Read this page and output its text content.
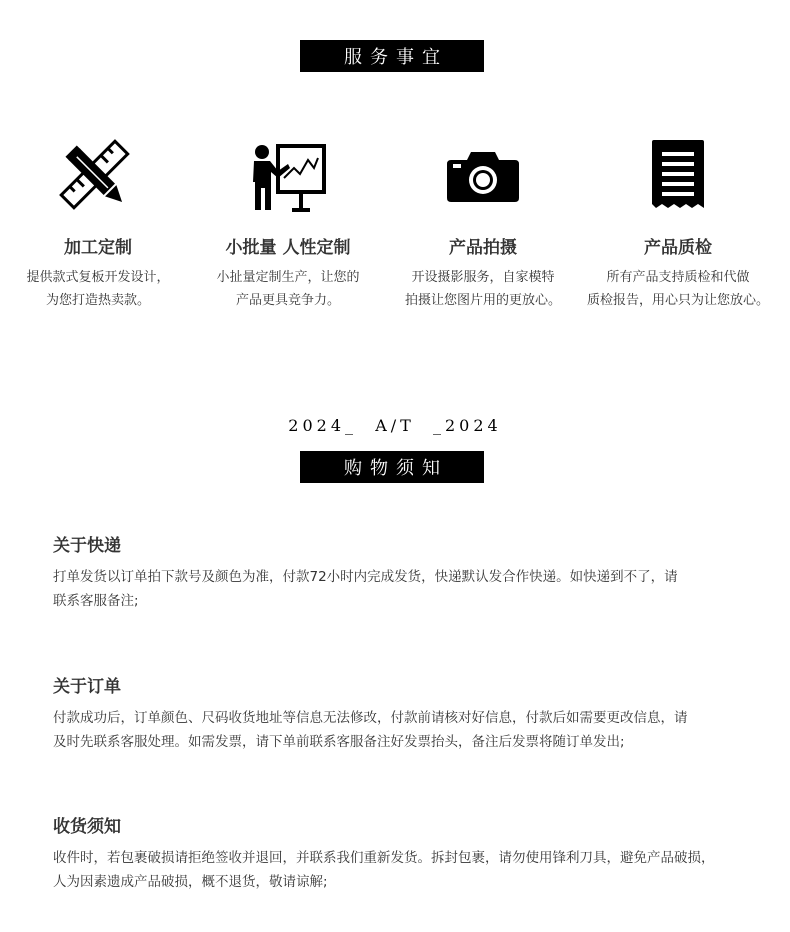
服务事宜
加工定制
提供款式复板开发设计，
为您打造热卖款。
小批量 人性定制
小扯量定制生产，让您的
产品更具竞争力。
产品拍摄
开设摄影服务，自家模特
拍摄让您图片用的更放心。
产品质检
所有产品支持质检和代做
质检报告，用心只为让您放心。
2024_  A/T  _2024
购物须知
关于快递
打单发货以订单拍下款号及颜色为准，付款72小时内完成发货，快递默认发合作快递。如快递到不了，请
联系客服备注;
关于订单
付款成功后，订单颜色、尺码收货地址等信息无法修改，付款前请核对好信息，付款后如需要更改信息，请
及时先联系客服处理。如需发票，请下单前联系客服备注好发票抬头，备注后发票将随订单发出;
收货须知
收件时，若包裹破损请拒绝签收并退回，并联系我们重新发货。拆封包裹，请勿使用锋利刀具，避免产品破损，
人为因素遗成产品破损，概不退货，敬请谅解;
